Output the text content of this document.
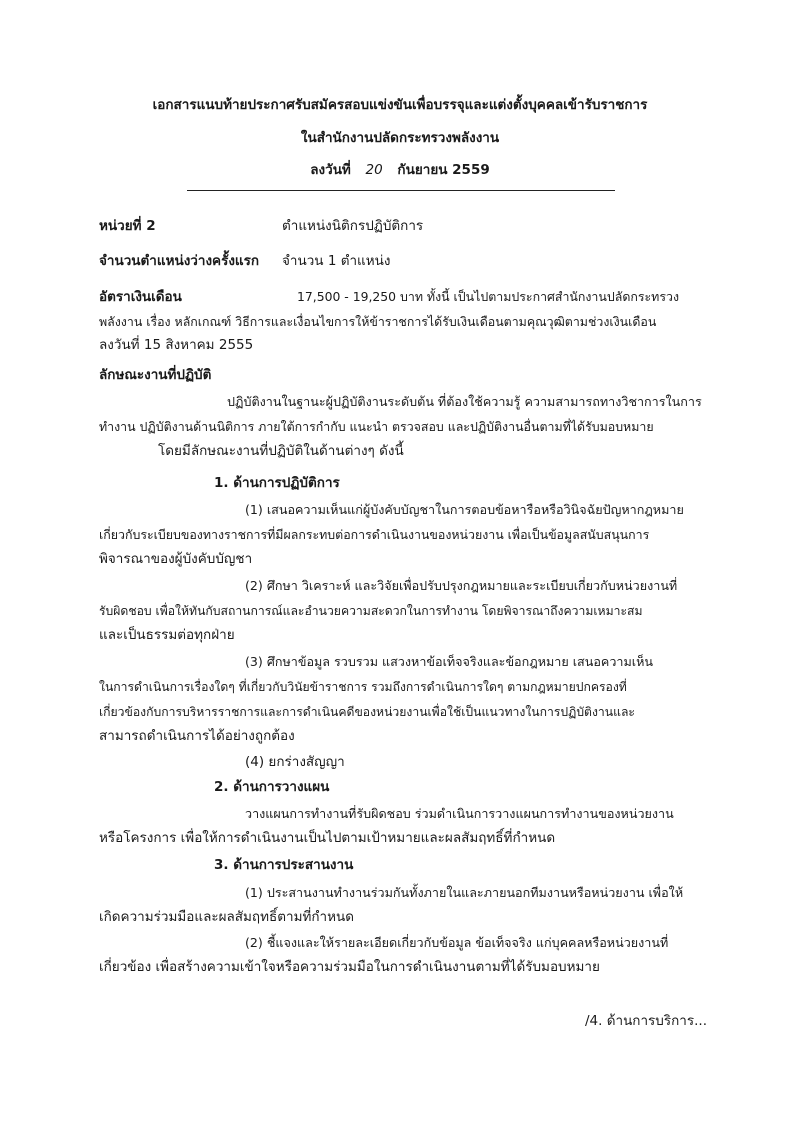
เอกสารแนบท้ายประกาศรับสมัครสอบแข่งขันเพื่อบรรจุและแต่งตั้งบุคคลเข้ารับราชการ
ในสำนักงานปลัดกระทรวงพลังงาน
ลงวันที่ 20 กันยายน 2559
หน่วยที่ 2	ตำแหน่งนิติกรปฏิบัติการ
จำนวนตำแหน่งว่างครั้งแรก จำนวน 1 ตำแหน่ง
อัตราเงินเดือน	17,500 - 19,250 บาท ทั้งนี้ เป็นไปตามประกาศสำนักงานปลัดกระทรวง
พลังงาน เรื่อง หลักเกณฑ์ วิธีการและเงื่อนไขการให้ข้าราชการได้รับเงินเดือนตามคุณวุฒิตามช่วงเงินเดือน
ลงวันที่ 15 สิงหาคม 2555
ลักษณะงานที่ปฏิบัติ
ปฏิบัติงานในฐานะผู้ปฏิบัติงานระดับต้น ที่ต้องใช้ความรู้ ความสามารถทางวิชาการในการ
ทำงาน ปฏิบัติงานด้านนิติการ ภายใต้การกำกับ แนะนำ ตรวจสอบ และปฏิบัติงานอื่นตามที่ได้รับมอบหมาย
โดยมีลักษณะงานที่ปฏิบัติในด้านต่างๆ ดังนี้
1. ด้านการปฏิบัติการ
(1) เสนอความเห็นแก่ผู้บังคับบัญชาในการตอบข้อหารือหรือวินิจฉัยปัญหากฎหมาย
เกี่ยวกับระเบียบของทางราชการที่มีผลกระทบต่อการดำเนินงานของหน่วยงาน เพื่อเป็นข้อมูลสนับสนุนการ
พิจารณาของผู้บังคับบัญชา
(2) ศึกษา วิเคราะห์ และวิจัยเพื่อปรับปรุงกฎหมายและระเบียบเกี่ยวกับหน่วยงานที่
รับผิดชอบ เพื่อให้ทันกับสถานการณ์และอำนวยความสะดวกในการทำงาน โดยพิจารณาถึงความเหมาะสม
และเป็นธรรมต่อทุกฝ่าย
(3) ศึกษาข้อมูล รวบรวม แสวงหาข้อเท็จจริงและข้อกฎหมาย เสนอความเห็น
ในการดำเนินการเรื่องใดๆ ที่เกี่ยวกับวินัยข้าราชการ รวมถึงการดำเนินการใดๆ ตามกฎหมายปกครองที่
เกี่ยวข้องกับการบริหารราชการและการดำเนินคดีของหน่วยงานเพื่อใช้เป็นแนวทางในการปฏิบัติงานและ
สามารถดำเนินการได้อย่างถูกต้อง
(4) ยกร่างสัญญา
2. ด้านการวางแผน
วางแผนการทำงานที่รับผิดชอบ ร่วมดำเนินการวางแผนการทำงานของหน่วยงาน
หรือโครงการ เพื่อให้การดำเนินงานเป็นไปตามเป้าหมายและผลสัมฤทธิ์ที่กำหนด
3. ด้านการประสานงาน
(1) ประสานงานทำงานร่วมกันทั้งภายในและภายนอกทีมงานหรือหน่วยงาน เพื่อให้
เกิดความร่วมมือและผลสัมฤทธิ์ตามที่กำหนด
(2) ชี้แจงและให้รายละเอียดเกี่ยวกับข้อมูล ข้อเท็จจริง แก่บุคคลหรือหน่วยงานที่
เกี่ยวข้อง เพื่อสร้างความเข้าใจหรือความร่วมมือในการดำเนินงานตามที่ได้รับมอบหมาย
/4. ด้านการบริการ...
